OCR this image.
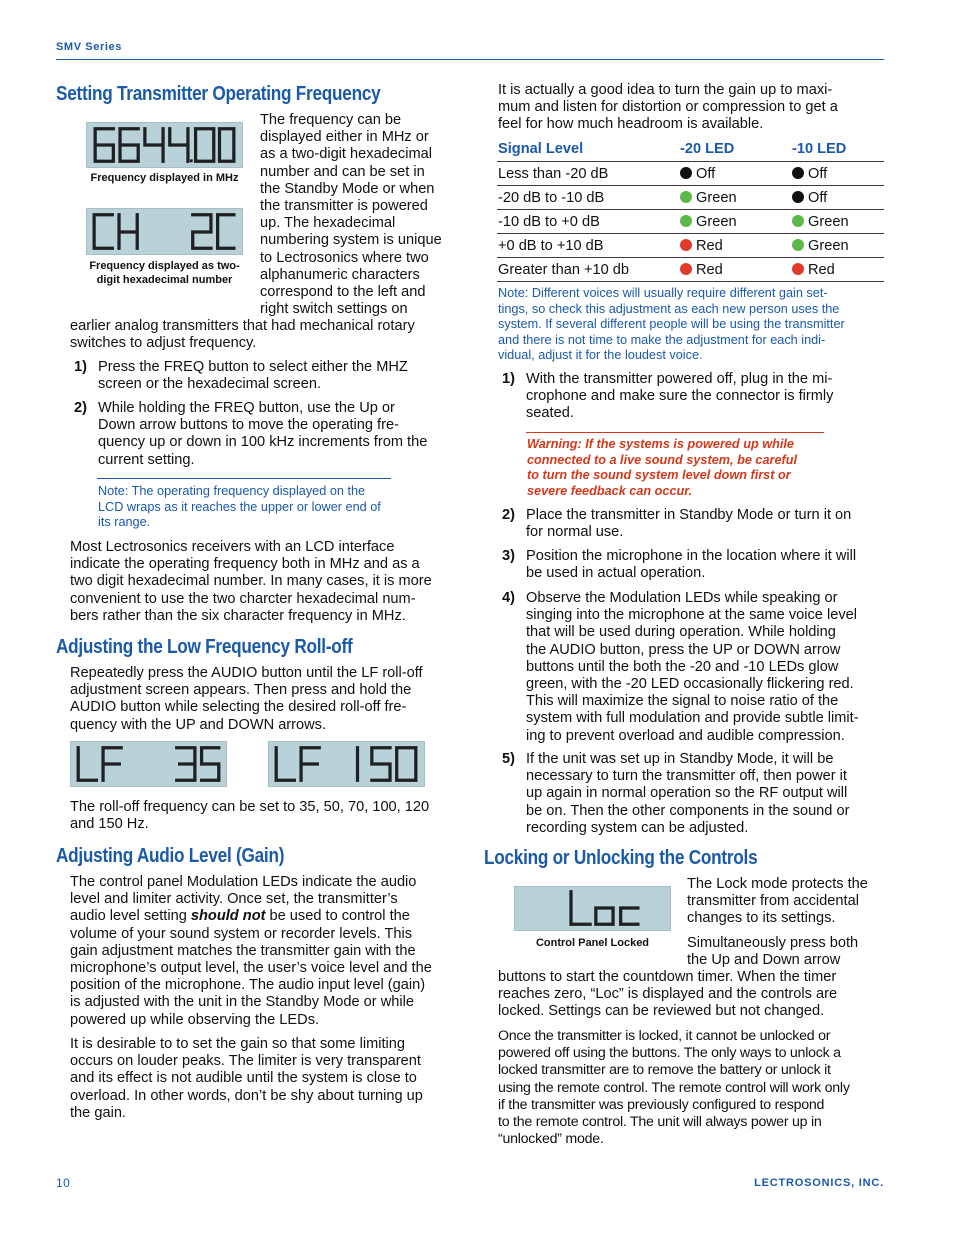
SMV Series
Setting Transmitter Operating Frequency
Frequency displayed in MHz
Frequency displayed as two-digit hexadecimal number
The frequency can be
displayed either in MHz or
as a two-digit hexadecimal
number and can be set in
the Standby Mode or when
the transmitter is powered
up. The hexadecimal
numbering system is unique
to Lectrosonics where two
alphanumeric characters
correspond to the left and
right switch settings on
earlier analog transmitters that had mechanical rotary
switches to adjust frequency.
1) Press the FREQ button to select either the MHZ
screen or the hexadecimal screen.
2) While holding the FREQ button, use the Up or
Down arrow buttons to move the operating fre-
quency up or down in 100 kHz increments from the
current setting.
Note: The operating frequency displayed on the
LCD wraps as it reaches the upper or lower end of
its range.
Most Lectrosonics receivers with an LCD interface
indicate the operating frequency both in MHz and as a
two digit hexadecimal number. In many cases, it is more
convenient to use the two charcter hexadecimal num-
bers rather than the six character frequency in MHz.
Adjusting the Low Frequency Roll-off
Repeatedly press the AUDIO button until the LF roll-off
adjustment screen appears. Then press and hold the
AUDIO button while selecting the desired roll-off fre-
quency with the UP and DOWN arrows.
The roll-off frequency can be set to 35, 50, 70, 100, 120
and 150 Hz.
Adjusting Audio Level (Gain)
The control panel Modulation LEDs indicate the audio
level and limiter activity. Once set, the transmitter’s
audio level setting should not be used to control the
volume of your sound system or recorder levels. This
gain adjustment matches the transmitter gain with the
microphone’s output level, the user’s voice level and the
position of the microphone. The audio input level (gain)
is adjusted with the unit in the Standby Mode or while
powered up while observing the LEDs.
It is desirable to to set the gain so that some limiting
occurs on louder peaks. The limiter is very transparent
and its effect is not audible until the system is close to
overload. In other words, don’t be shy about turning up
the gain.
It is actually a good idea to turn the gain up to maxi-
mum and listen for distortion or compression to get a
feel for how much headroom is available.
Signal Level	-20 LED	-10 LED
Less than -20 dB	Off	Off
-20 dB to -10 dB	Green	Off
-10 dB to +0 dB	Green	Green
+0 dB to +10 dB	Red	Green
Greater than +10 db	Red	Red
Note: Different voices will usually require different gain set-
tings, so check this adjustment as each new person uses the
system. If several different people will be using the transmitter
and there is not time to make the adjustment for each indi-
vidual, adjust it for the loudest voice.
1) With the transmitter powered off, plug in the mi-
crophone and make sure the connector is firmly
seated.
Warning: If the systems is powered up while
connected to a live sound system, be careful
to turn the sound system level down first or
severe feedback can occur.
2) Place the transmitter in Standby Mode or turn it on
for normal use.
3) Position the microphone in the location where it will
be used in actual operation.
4) Observe the Modulation LEDs while speaking or
singing into the microphone at the same voice level
that will be used during operation. While holding
the AUDIO button, press the UP or DOWN arrow
buttons until the both the -20 and -10 LEDs glow
green, with the -20 LED occasionally flickering red.
This will maximize the signal to noise ratio of the
system with full modulation and provide subtle limit-
ing to prevent overload and audible compression.
5) If the unit was set up in Standby Mode, it will be
necessary to turn the transmitter off, then power it
up again in normal operation so the RF output will
be on. Then the other components in the sound or
recording system can be adjusted.
Locking or Unlocking the Controls
Control Panel Locked
The Lock mode protects the
transmitter from accidental
changes to its settings.
Simultaneously press both
the Up and Down arrow
buttons to start the countdown timer. When the timer
reaches zero, “Loc” is displayed and the controls are
locked. Settings can be reviewed but not changed.
Once the transmitter is locked, it cannot be unlocked or
powered off using the buttons. The only ways to unlock a
locked transmitter are to remove the battery or unlock it
using the remote control. The remote control will work only
if the transmitter was previously configured to respond
to the remote control. The unit will always power up in
“unlocked” mode.
10	LECTROSONICS, INC.
